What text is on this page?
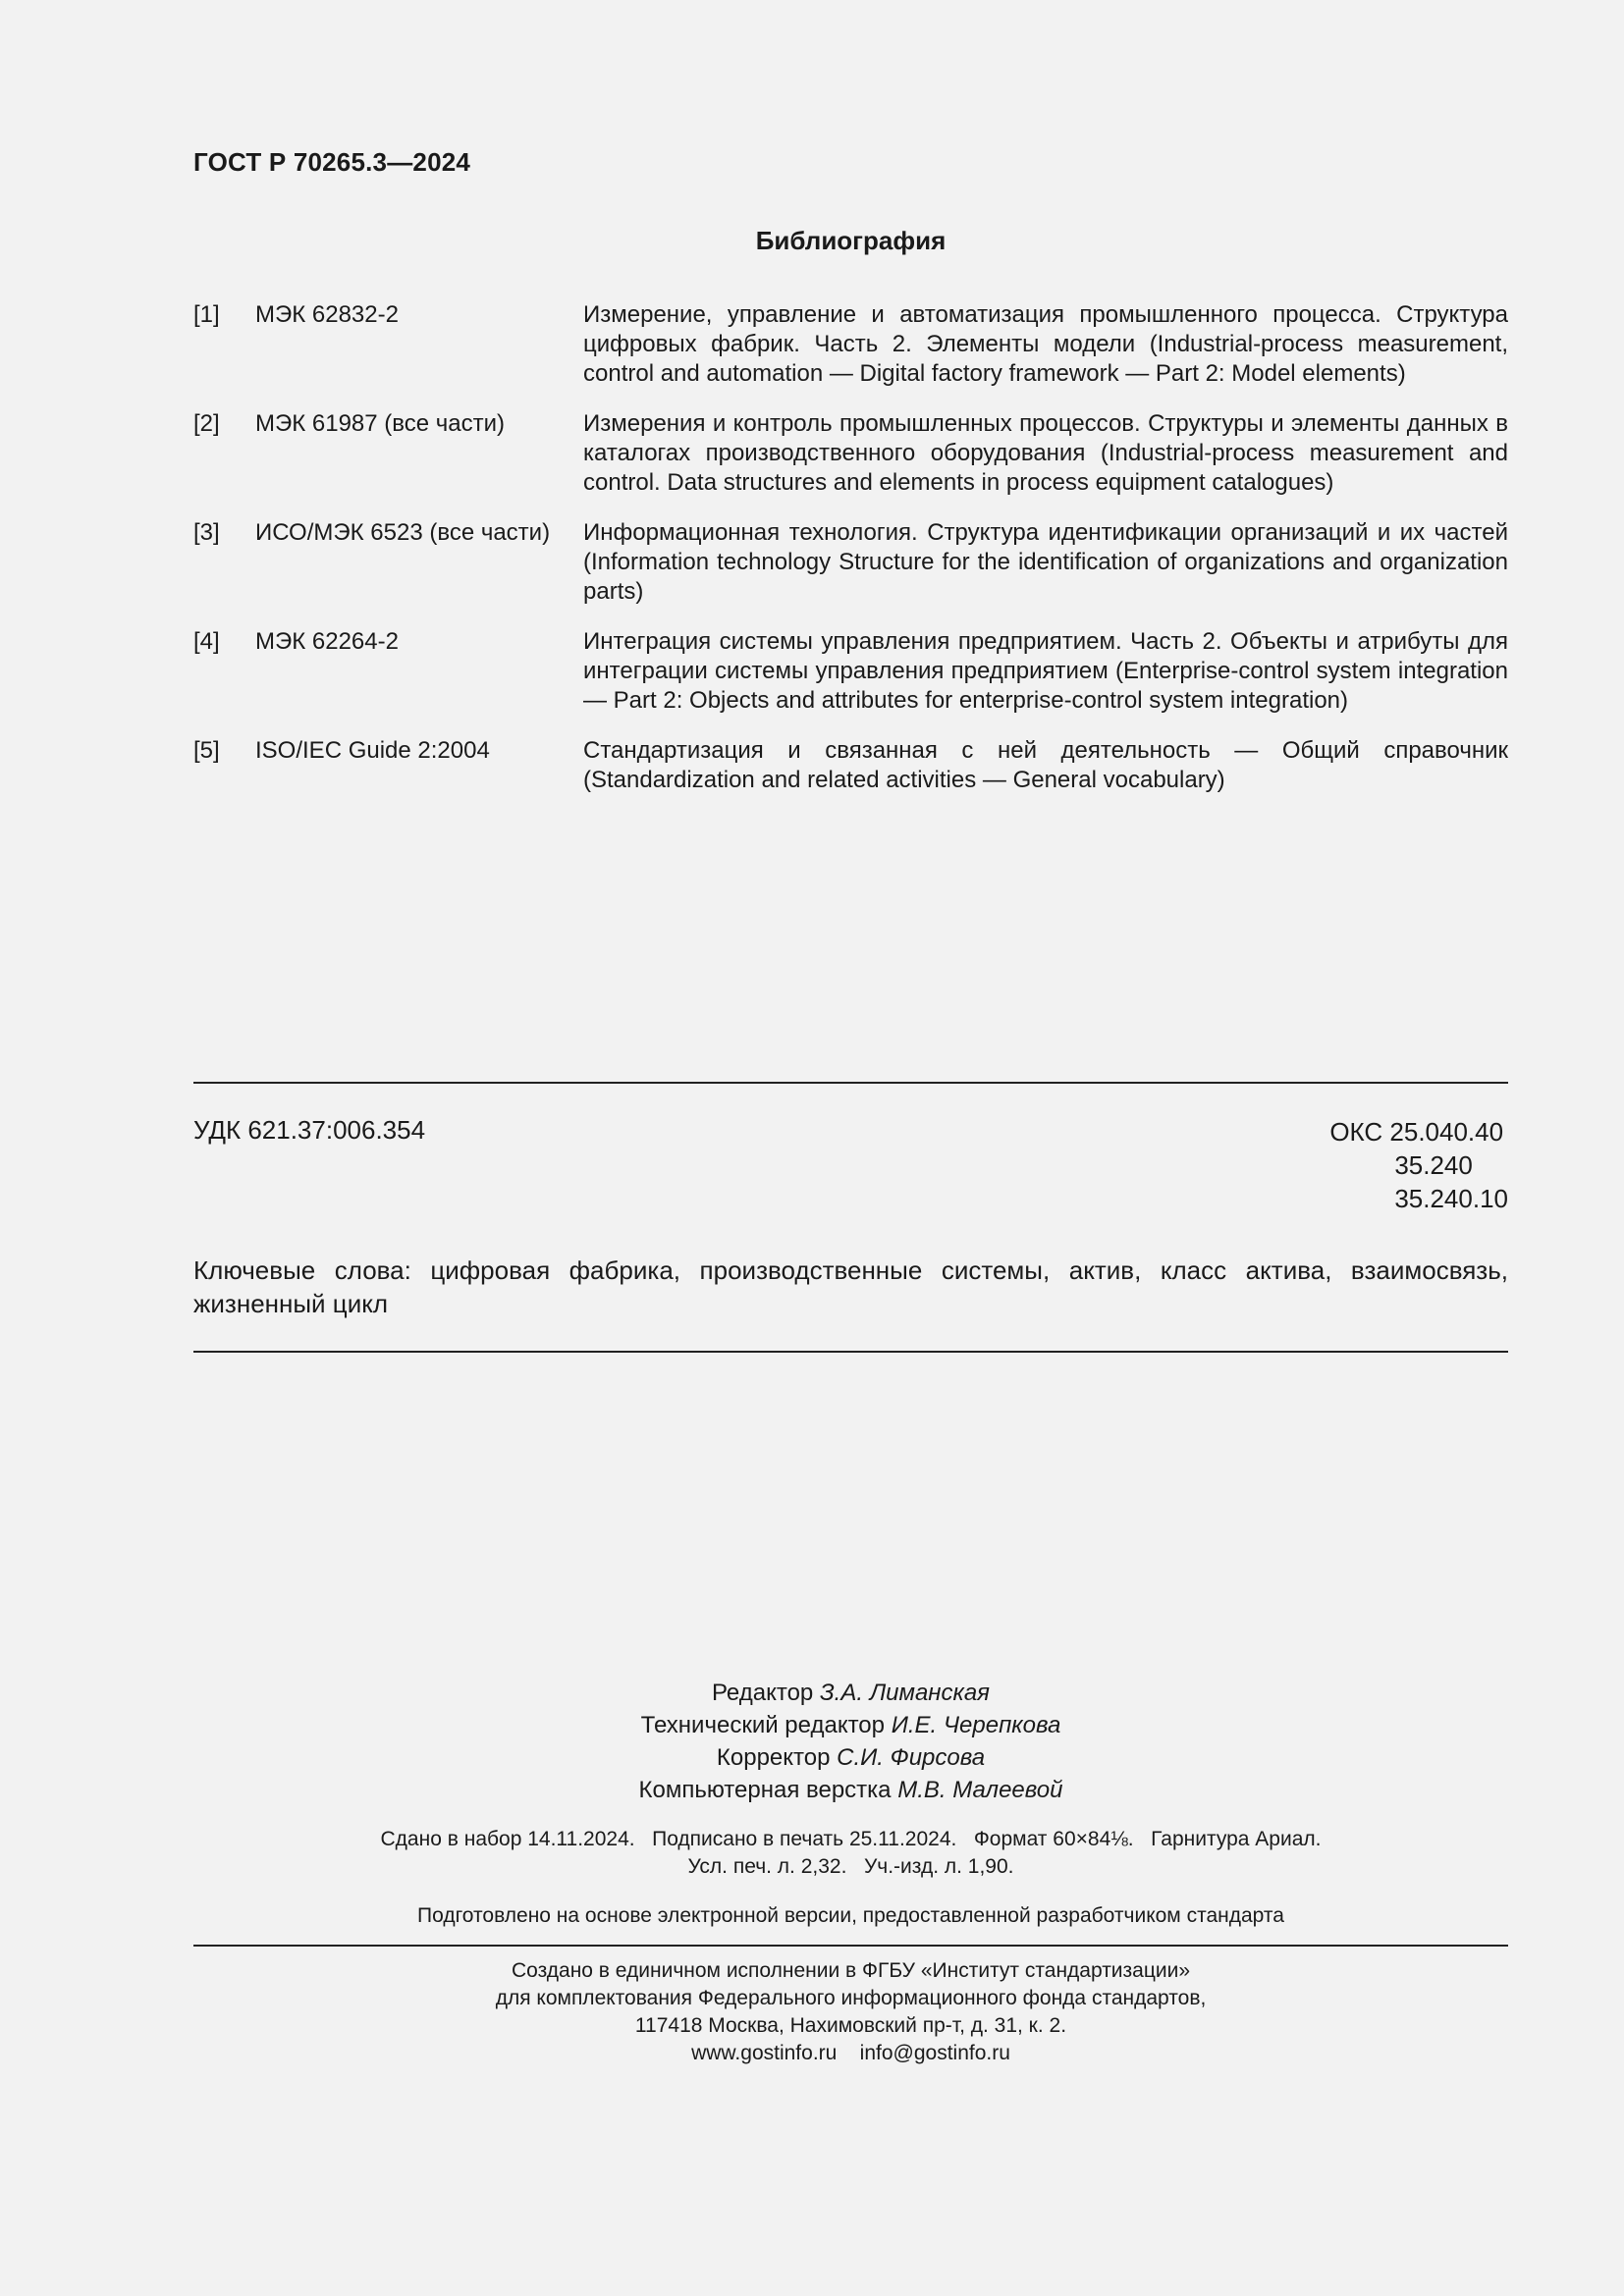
ГОСТ Р 70265.3—2024
Библиография
[1]	МЭК 62832-2	Измерение, управление и автоматизация промышленного процесса. Структура цифровых фабрик. Часть 2. Элементы модели (Industrial-process measurement, control and automation — Digital factory framework — Part 2: Model elements)
[2]	МЭК 61987 (все части)	Измерения и контроль промышленных процессов. Структуры и элементы данных в каталогах производственного оборудования (Industrial-process measurement and control. Data structures and elements in process equipment catalogues)
[3]	ИСО/МЭК 6523 (все части)	Информационная технология. Структура идентификации организаций и их частей (Information technology Structure for the identification of organizations and organization parts)
[4]	МЭК 62264-2	Интеграция системы управления предприятием. Часть 2. Объекты и атрибуты для интеграции системы управления предприятием (Enterprise-control system integration — Part 2: Objects and attributes for enterprise-control system integration)
[5]	ISO/IEC Guide 2:2004	Стандартизация и связанная с ней деятельность — Общий справочник (Standardization and related activities — General vocabulary)
УДК 621.37:006.354	ОКС 25.040.40
35.240
35.240.10
Ключевые слова: цифровая фабрика, производственные системы, актив, класс актива, взаимосвязь, жизненный цикл
Редактор З.А. Лиманская
Технический редактор И.Е. Черепкова
Корректор С.И. Фирсова
Компьютерная верстка М.В. Малеевой
Сдано в набор 14.11.2024.   Подписано в печать 25.11.2024.   Формат 60×84⅛.   Гарнитура Ариал.
Усл. печ. л. 2,32.   Уч.-изд. л. 1,90.
Подготовлено на основе электронной версии, предоставленной разработчиком стандарта
Создано в единичном исполнении в ФГБУ «Институт стандартизации»
для комплектования Федерального информационного фонда стандартов,
117418 Москва, Нахимовский пр-т, д. 31, к. 2.
www.gostinfo.ru    info@gostinfo.ru
